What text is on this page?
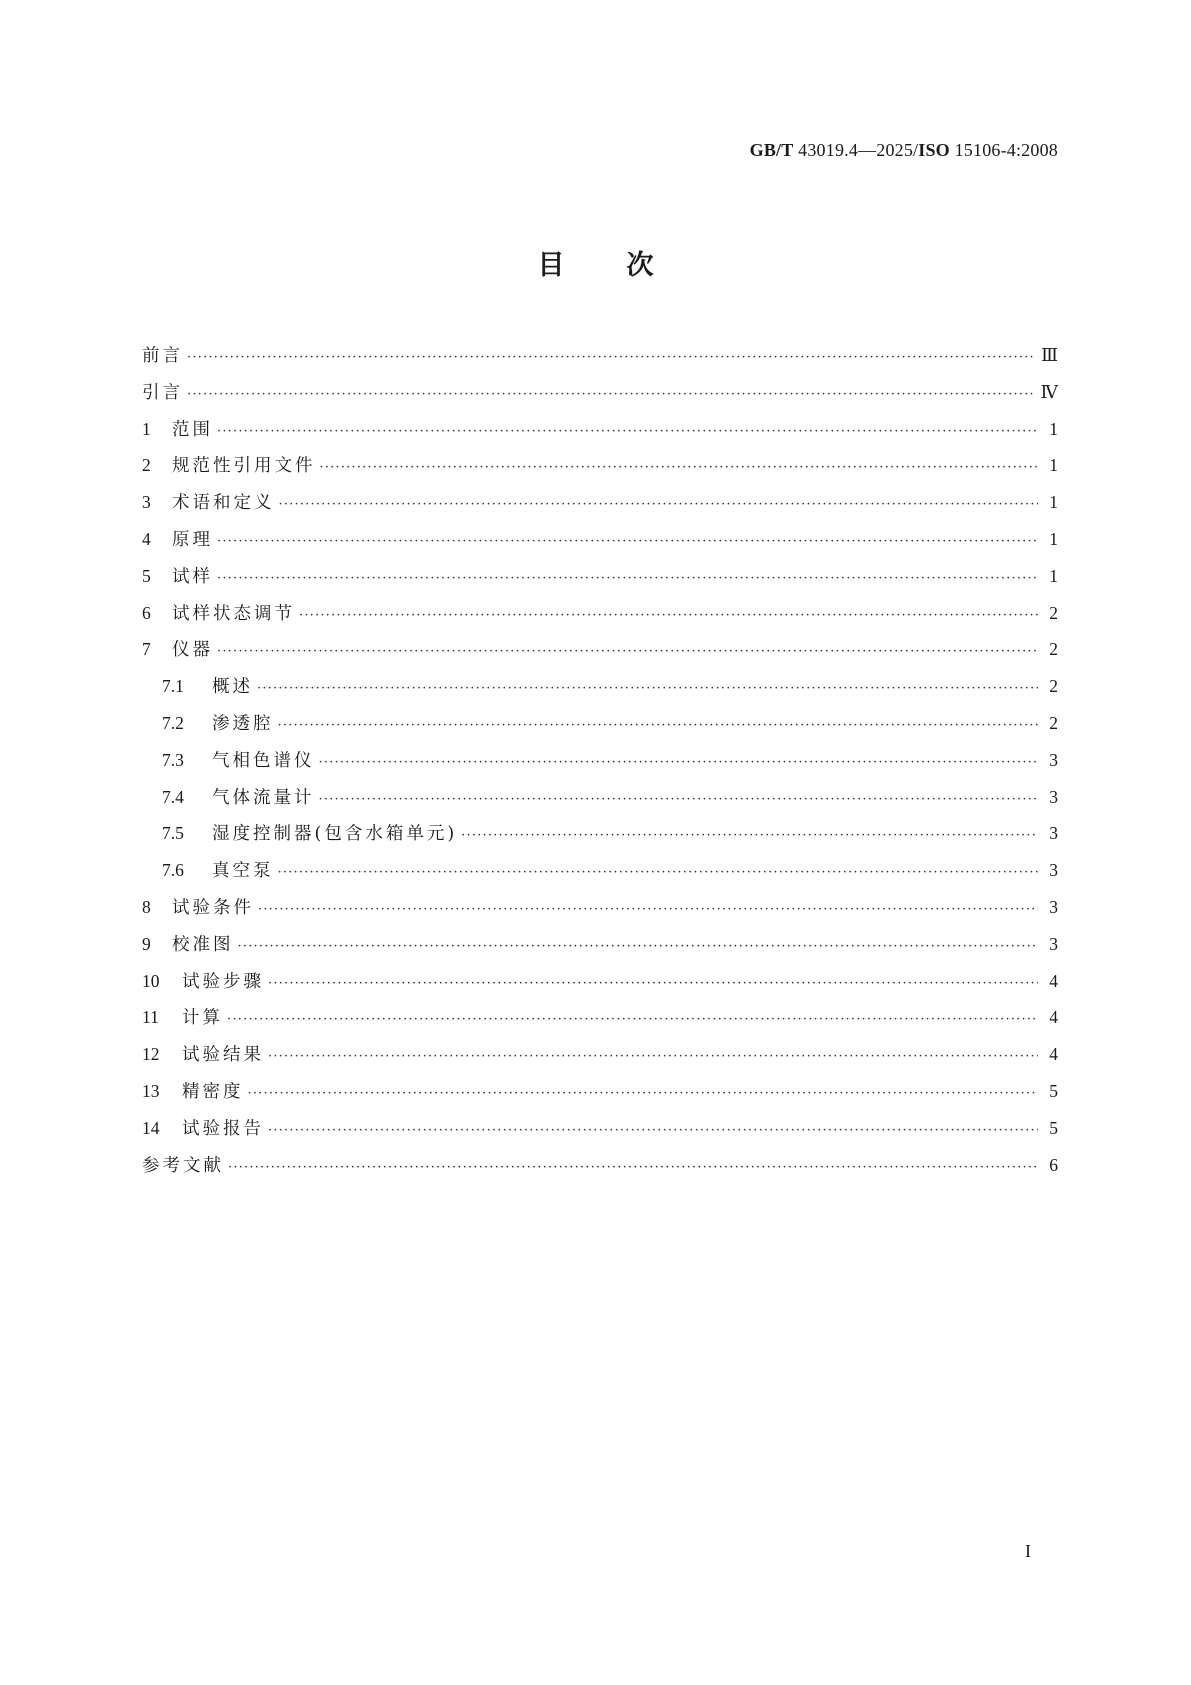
GB/T 43019.4—2025/ISO 15106-4:2008
目次
前言 ·····	Ⅲ
引言 ·····	Ⅳ
1	范围 ·····	1
2	规范性引用文件 ·····	1
3	术语和定义 ·····	1
4	原理 ·····	1
5	试样 ·····	1
6	试样状态调节 ·····	2
7	仪器 ·····	2
7.1	概述 ·····	2
7.2	渗透腔 ·····	2
7.3	气相色谱仪 ·····	3
7.4	气体流量计 ·····	3
7.5	湿度控制器(包含水箱单元) ·····	3
7.6	真空泵 ·····	3
8	试验条件 ·····	3
9	校准图 ·····	3
10	试验步骤 ·····	4
11	计算 ·····	4
12	试验结果 ·····	4
13	精密度 ·····	5
14	试验报告 ·····	5
参考文献 ·····	6
I
